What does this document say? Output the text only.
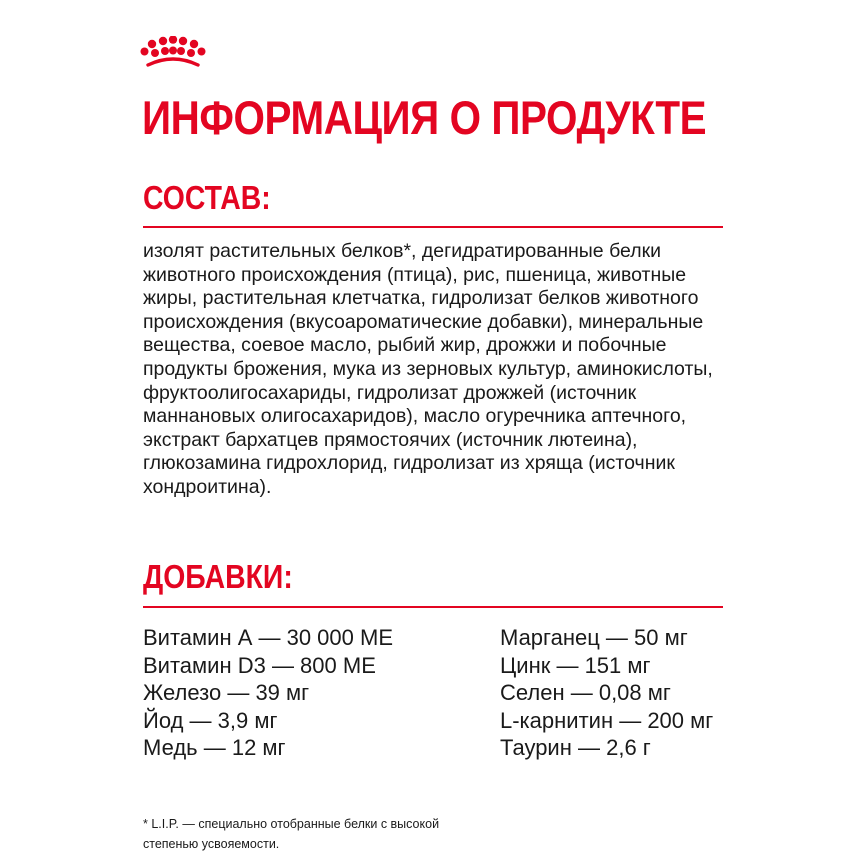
ИНФОРМАЦИЯ О ПРОДУКТЕ
СОСТАВ:

изолят растительных белков*, дегидратированные белки животного происхождения (птица), рис, пшеница, животные жиры, растительная клетчатка, гидролизат белков животного происхождения (вкусоароматические добавки), минеральные вещества, соевое масло, рыбий жир, дрожжи и побочные продукты брожения, мука из зерновых культур, аминокислоты, фруктоолигосахариды, гидролизат дрожжей (источник маннановых олигосахаридов), масло огуречника аптечного, экстракт бархатцев прямостоячих (источник лютеина), глюкозамина гидрохлорид, гидролизат из хряща (источник хондроитина).

ДОБАВКИ:
Витамин А — 30 000 МЕ
Витамин D3 — 800 МЕ
Железо — 39 мг
Йод — 3,9 мг
Медь — 12 мг
Марганец — 50 мг
Цинк — 151 мг
Селен — 0,08 мг
L-карнитин — 200 мг
Таурин — 2,6 г

* L.I.P. — специально отобранные белки с высокой степенью усвояемости.
